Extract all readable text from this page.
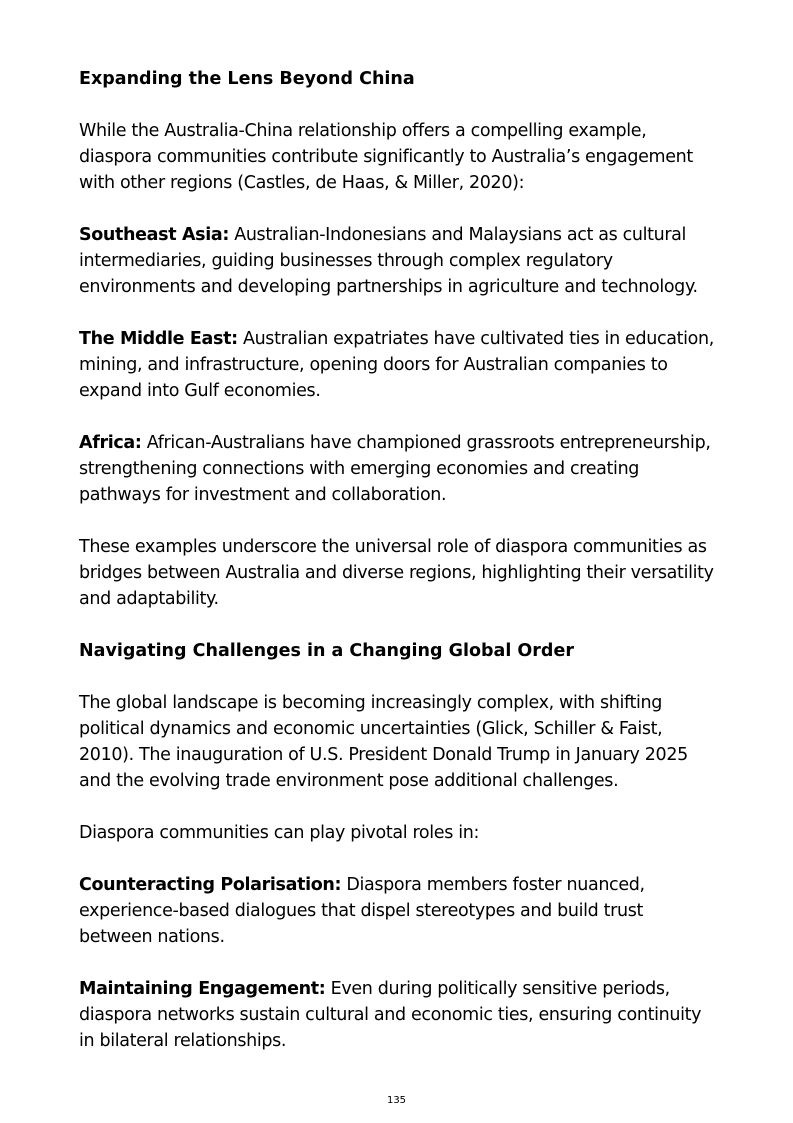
Expanding the Lens Beyond China

While the Australia-China relationship offers a compelling example, diaspora communities contribute significantly to Australia’s engagement with other regions (Castles, de Haas, & Miller, 2020):

Southeast Asia: Australian-Indonesians and Malaysians act as cultural intermediaries, guiding businesses through complex regulatory environments and developing partnerships in agriculture and technology.

The Middle East: Australian expatriates have cultivated ties in education, mining, and infrastructure, opening doors for Australian companies to expand into Gulf economies.

Africa: African-Australians have championed grassroots entrepreneurship, strengthening connections with emerging economies and creating pathways for investment and collaboration.

These examples underscore the universal role of diaspora communities as bridges between Australia and diverse regions, highlighting their versatility and adaptability.

Navigating Challenges in a Changing Global Order

The global landscape is becoming increasingly complex, with shifting political dynamics and economic uncertainties (Glick, Schiller & Faist, 2010). The inauguration of U.S. President Donald Trump in January 2025 and the evolving trade environment pose additional challenges.

Diaspora communities can play pivotal roles in:

Counteracting Polarisation: Diaspora members foster nuanced, experience-based dialogues that dispel stereotypes and build trust between nations.

Maintaining Engagement: Even during politically sensitive periods, diaspora networks sustain cultural and economic ties, ensuring continuity in bilateral relationships.

135
